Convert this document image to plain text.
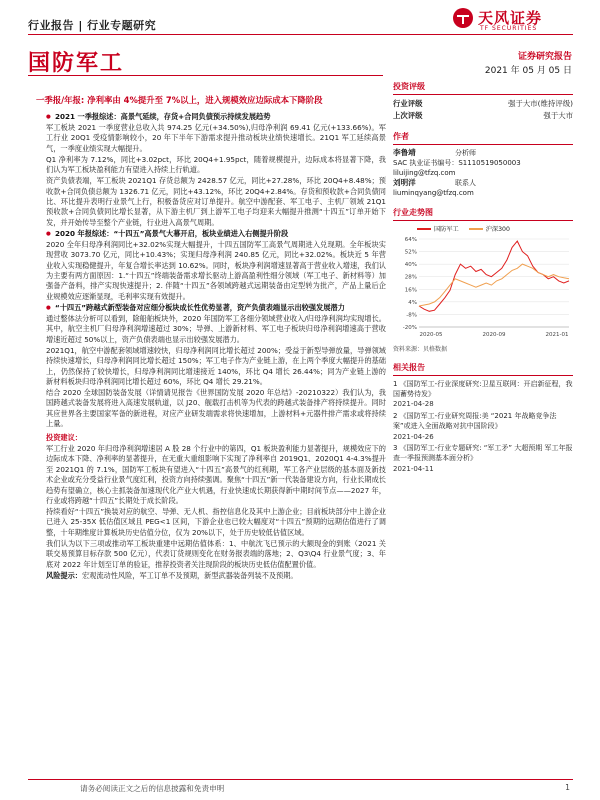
行业报告 | 行业专题研究	天风证券
TF SECURITIES
国防军工	证券研究报告
2021 年 05 月 05 日
一季报/年报: 净利率由 4%提升至 7%以上，进入规模效应边际成本下降阶段

● 2021 一季报综述：高景气延续，存货+合同负债预示持续发展趋势

军工板块 2021 一季度营业总收入共 974.25 亿元(+34.50%),归母净利润 69.41 亿元(+133.66%)。军工行业 20Q1 受疫情影响较小，20 年下半年下游需求提升推动板块业绩快速增长。21Q1 军工延续高景气，一季度业绩实现大幅提升。

Q1 净利率为 7.12%，同比+3.02pct，环比 20Q4+1.95pct，随着规模提升，边际成本将显著下降，我们认为军工板块盈利能力有望进入持续上行轨道。

资产负债表端，军工板块 2021Q1 存货总额为 2428.57 亿元，同比+27.28%，环比 20Q4+8.48%；预收款+合同负债总额为 1326.71 亿元，同比+43.12%，环比 20Q4+2.84%。存货和预收款+合同负债同比、环比提升表明行业景气上行，积极备货应对订单提升。航空中游配套、军工电子、主机厂领域 21Q1 预收款+合同负债同比增长显著，从下游主机厂到上游军工电子均迎来大幅提升推测“十四五”订单开始下发，并开始传导至整个产业链，行业进入高景气周期。

● 2020 年报综述：“十四五”高景气大幕开启，板块业绩进入右侧提升阶段

2020 全年归母净利润同比+32.02%实现大幅提升，十四五国防军工高景气周期进入兑现期。全年板块实现营收 3073.70 亿元，同比+10.43%；实现归母净利润 240.85 亿元，同比+32.02%。板块近 5 年营业收入实现稳健提升，年复合增长率达到 10.62%。同时，板块净利润增速显著高于营业收入增速，我们认为主要有两方面原因：1.“十四五”终端装备需求增长驱动上游高盈利性细分领域（军工电子、新材料等）加强备产备料，排产实现快速提升；2. 伴随“十四五”各领域跨越式远期装备由定型转为批产，产品上量后企业规模效应逐渐显现，毛利率实现有效提升。

● “十四五”跨越式新型装备对应细分板块成长性优势显著，资产负债表端显示出较强发展潜力

通过整体法分析可以看到，除船舶板块外，2020 年国防军工各细分领域营业收入/归母净利润均实现增长。其中，航空主机厂归母净利润增速超过 30%；导弹、上游新材料、军工电子板块归母净利润增速高于营收增速近超过 50%以上，资产负债表端也显示出较强发展潜力。

2021Q1，航空中游配套领域增速较快，归母净利润同比增长超过 200%；受益于新型导弹放量，导弹领域持续快速增长，归母净利润同比增长超过 150%；军工电子作为产业链上游，在上两个季度大幅提升的基础上，仍然保持了较快增长，归母净利润同比增速接近 140%，环比 Q4 增长 26.44%；同为产业链上游的新材料板块归母净利润同比增长超过 60%，环比 Q4 增长 29.21%。

结合 2020 全球国防装备发展（详情请见报告《世界国防发展 2020 年总结》-20210322）我们认为，我国跨越式装备发展将进入高速发展轨道，以 J20、舰载打击机等为代表的跨越式装备排产将持续提升。同时其应世界各主要国家军备的新进程，对应产业研发端需求将快速增加，上游材料+元器件排产需求或将持续上量。

投资建议：

军工行业 2020 年归母净利润增速居 A 股 28 个行业中的第四，Q1 板块盈利能力显著提升，规模效应下的边际成本下降、净利率的显著提升，在无重大重组影响下实现了净利率自 2019Q1、2020Q1 4-4.3%提升至 2021Q1 的 7.1%，国防军工板块有望进入“十四五”高景气的红利期，军工各产业层级的基本面及新技术企业或充分受益行业景气度红利，投资方向持续强调。聚焦“十四五”新一代装备建设方向，行业长期成长趋势有望确立，核心主抓装备加速现代化产业大机遇，行业快速成长期获得新中期时间节点——2027 年，行业或将跨越“十四五”长期处于成长阶段。

持续看好“十四五”换装对应的航空、导弹、无人机、指控信息化及其中上游企业；目前板块部分中上游企业已进入 25-35X 低估值区域且 PEG<1 区间，下游企业也已较大幅度对“十四五”预期的远期估值进行了调整，十年期维度计算板块历史估值分位，仅为 20%以下，处于历史较低估值区域。

我们认为以下三项或推动军工板块重建中远期估值体系：1、中航沈飞已预示的大额现金的到账（2021 关联交易预算目标存款 500 亿元），代表订货规则变化在财务报表端的落地；2、Q3\Q4 行业景气度；3、年底对 2022 年计划至订单的验证，推荐投资者关注现阶段的板块历史低估值配置价值。

风险提示：宏观流动性风险，军工订单不及预期，新型武器装备列装不及预期。

投资评级
行业评级	强于大市(维持评级)
上次评级	强于大市
作者
李鲁靖	分析师
SAC 执业证书编号：S1110519050003
liluijing@tfzq.com
刘明洋	联系人
liuminqyang@tfzq.com
行业走势图
国防军工	沪深300
-20%
-8%
4%
16%
28%
40%
52%
64%
2020-05	2020-09	2021-01
资料来源：贝格数据
相关报告
1 《国防军工-行业深度研究:卫星互联网：开启新征程，我国蓄势待发》
2021-04-28
2 《国防军工-行业研究周报:美 “2021 年战略竞争法案”或进入全面战略对抗中国阶段》
2021-04-26
3 《国防军工-行业专题研究: “军工矛” 大超预期 军工年报查一季报预测基本面分析》
2021-04-11
请务必阅读正文之后的信息披露和免责申明	1
